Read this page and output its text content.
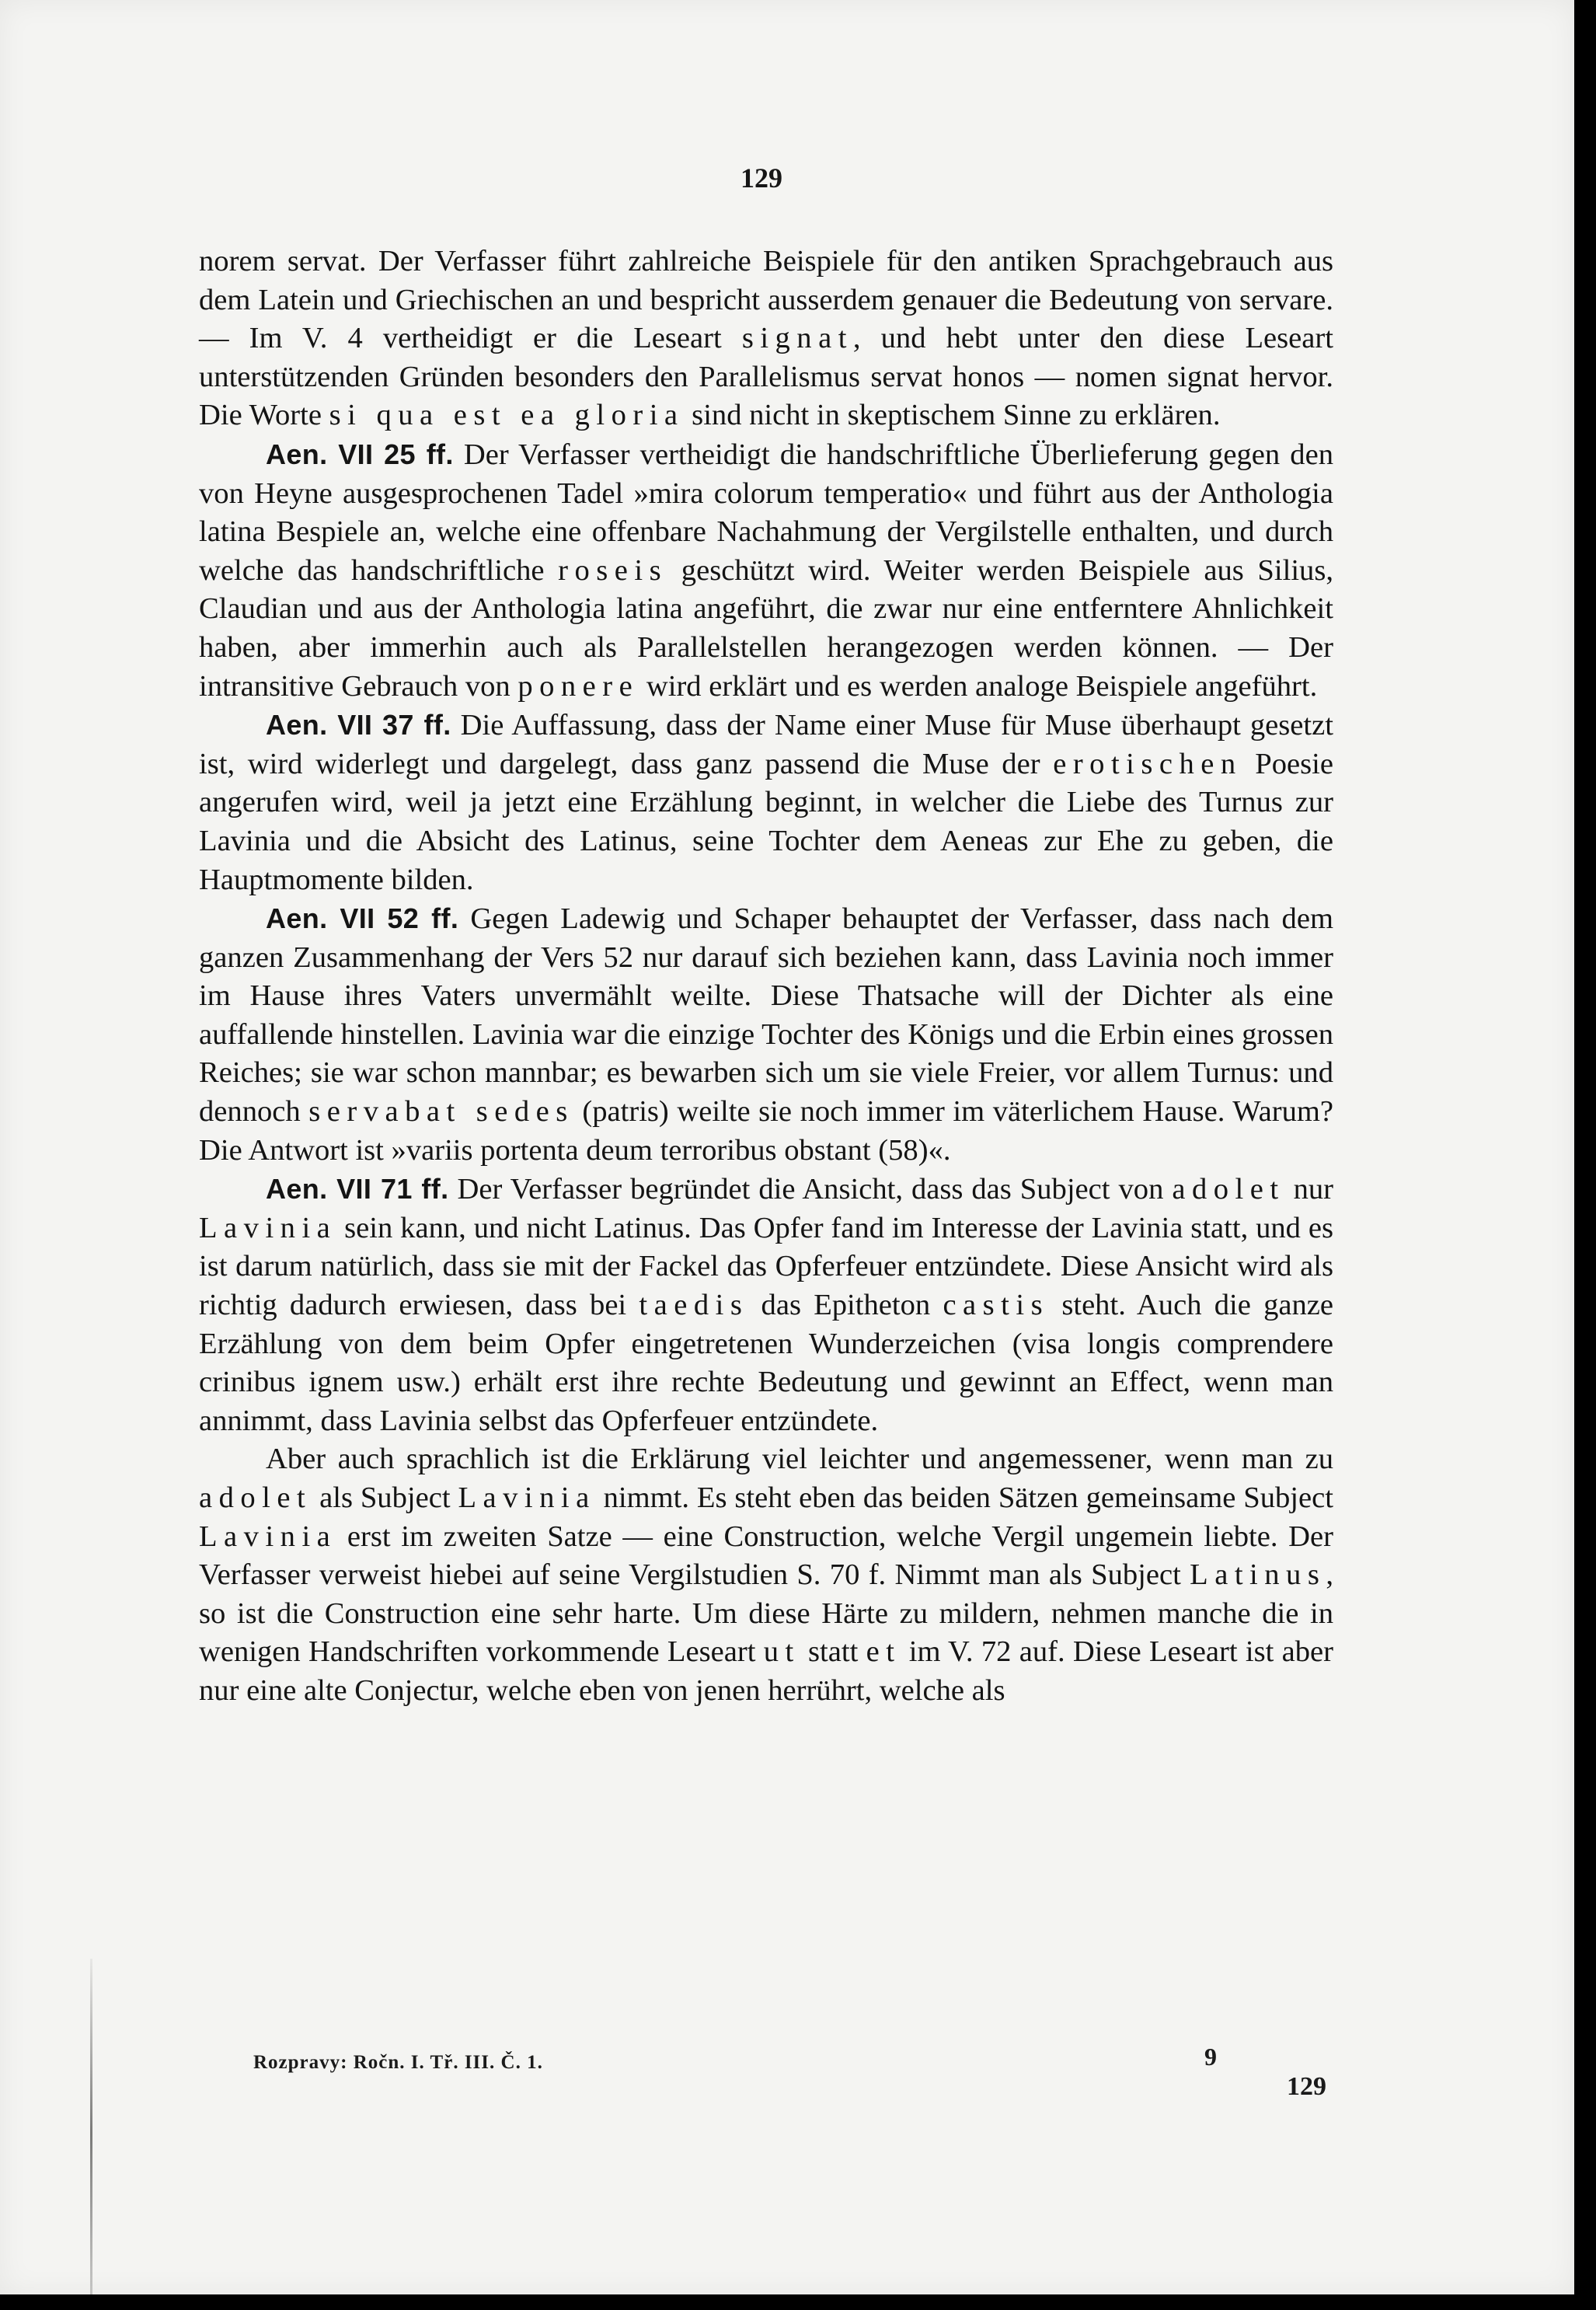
129

norem servat. Der Verfasser führt zahlreiche Beispiele für den antiken Sprachgebrauch aus dem Latein und Griechischen an und bespricht ausserdem genauer die Bedeutung von servare. — Im V. 4 vertheidigt er die Leseart signat, und hebt unter den diese Leseart unterstützenden Gründen besonders den Parallelismus servat honos — nomen signat hervor. Die Worte si qua est ea gloria sind nicht in skeptischem Sinne zu erklären.

Aen. VII 25 ff. Der Verfasser vertheidigt die handschriftliche Überlieferung gegen den von Heyne ausgesprochenen Tadel »mira colorum temperatio« und führt aus der Anthologia latina Bespiele an, welche eine offenbare Nachahmung der Vergilstelle enthalten, und durch welche das handschriftliche roseis geschützt wird. Weiter werden Beispiele aus Silius, Claudian und aus der Anthologia latina angeführt, die zwar nur eine entferntere Ahnlichkeit haben, aber immerhin auch als Parallelstellen herangezogen werden können. — Der intransitive Gebrauch von ponere wird erklärt und es werden analoge Beispiele angeführt.

Aen. VII 37 ff. Die Auffassung, dass der Name einer Muse für Muse überhaupt gesetzt ist, wird widerlegt und dargelegt, dass ganz passend die Muse der erotischen Poesie angerufen wird, weil ja jetzt eine Erzählung beginnt, in welcher die Liebe des Turnus zur Lavinia und die Absicht des Latinus, seine Tochter dem Aeneas zur Ehe zu geben, die Hauptmomente bilden.

Aen. VII 52 ff. Gegen Ladewig und Schaper behauptet der Verfasser, dass nach dem ganzen Zusammenhang der Vers 52 nur darauf sich beziehen kann, dass Lavinia noch immer im Hause ihres Vaters unvermählt weilte. Diese Thatsache will der Dichter als eine auffallende hinstellen. Lavinia war die einzige Tochter des Königs und die Erbin eines grossen Reiches; sie war schon mannbar; es bewarben sich um sie viele Freier, vor allem Turnus: und dennoch servabat sedes (patris) weilte sie noch immer im väterlichem Hause. Warum? Die Antwort ist »variis portenta deum terroribus obstant (58)«.

Aen. VII 71 ff. Der Verfasser begründet die Ansicht, dass das Subject von adolet nur Lavinia sein kann, und nicht Latinus. Das Opfer fand im Interesse der Lavinia statt, und es ist darum natürlich, dass sie mit der Fackel das Opferfeuer entzündete. Diese Ansicht wird als richtig dadurch erwiesen, dass bei taedis das Epitheton castis steht. Auch die ganze Erzählung von dem beim Opfer eingetretenen Wunderzeichen (visa longis comprendere crinibus ignem usw.) erhält erst ihre rechte Bedeutung und gewinnt an Effect, wenn man annimmt, dass Lavinia selbst das Opferfeuer entzündete.

Aber auch sprachlich ist die Erklärung viel leichter und angemessener, wenn man zu adolet als Subject Lavinia nimmt. Es steht eben das beiden Sätzen gemeinsame Subject Lavinia erst im zweiten Satze — eine Construction, welche Vergil ungemein liebte. Der Verfasser verweist hiebei auf seine Vergilstudien S. 70 f. Nimmt man als Subject Latinus, so ist die Construction eine sehr harte. Um diese Härte zu mildern, nehmen manche die in wenigen Handschriften vorkommende Leseart ut statt et im V. 72 auf. Diese Leseart ist aber nur eine alte Conjectur, welche eben von jenen herrührt, welche als

Rozpravy: Ročn. I. Tř. III. Č. 1.	9
129
